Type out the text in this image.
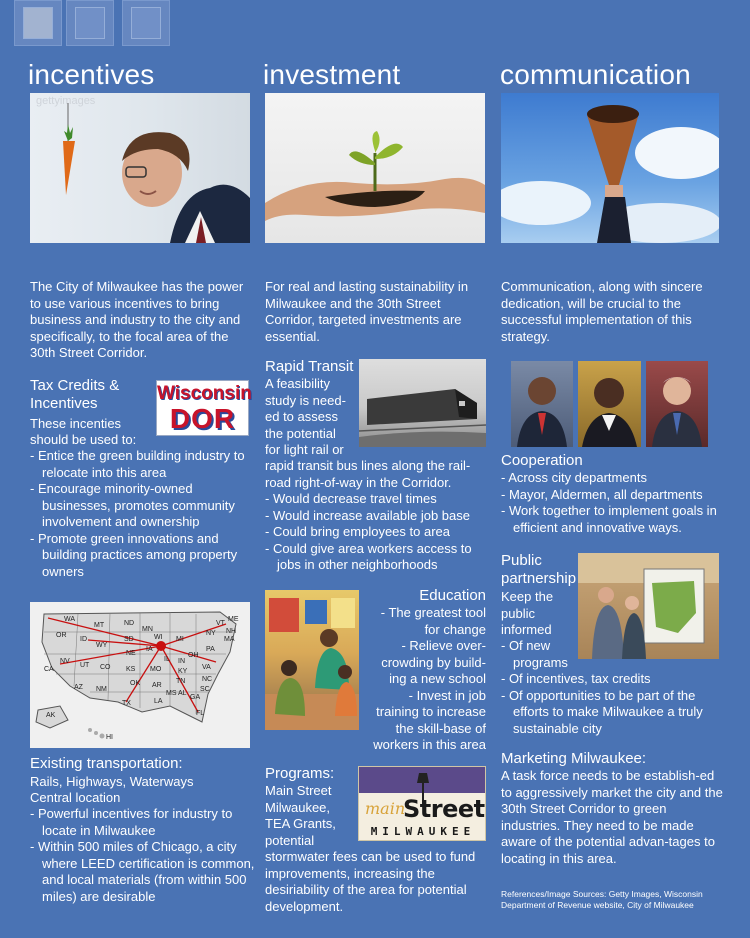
incentives
gettyimages
The City of Milwaukee has the power to use various incentives to bring business and industry to the city and specifically, to the focal area of the 30th Street Corridor.
Tax Credits & Incentives	Wisconsin
DOR
These incenties
should be used to:
- Entice the green building industry to relocate into this area
- Encourage minority-owned businesses, promotes community involvement and ownership
- Promote green innovations and building practices among property owners
WA
MT	ND
MN
WI MI
NY
OR
ID	SD
IA
IL
OH
PA
WY
NE
IN
NV
UT CO KS MO KY
VA
CA
NC
AZ NM
OK AR
TN
SC
TX	LA
MS AL
GA
FL
AK
HI
ME
VT
NH
MA
Existing transportation:
Rails, Highways, Waterways
Central location
- Powerful incentives for industry to locate in Milwaukee
- Within 500 miles of Chicago, a city where LEED certification is common, and local materials (from within 500 miles) are desirable
investment
For real and lasting sustainability in Milwaukee and the 30th Street Corridor, targeted investments are essential.
Rapid Transit
A feasibility
study is need-
ed to assess
the potential
for light rail or
rapid transit bus lines along the rail-road right-of-way in the Corridor.
- Would decrease travel times
- Would increase available job base
- Could bring employees to area
- Could give area workers access to jobs in other neighborhoods
Education
- The greatest tool
for change
- Relieve over-
crowding by build-
ing a new school
- Invest in job
training to increase
the skill-base of
workers in this area
Programs:
Main Street
Milwaukee,
TEA Grants,
potential
main
Street
MILWAUKEE
stormwater fees can be used to fund improvements, increasing the desiriability of the area for potential development.
communication
Communication, along with sincere dedication, will be crucial to the successful implementation of this strategy.
Cooperation
- Across city departments
- Mayor, Aldermen, all departments
- Work together to implement goals in efficient and innovative ways.
Public
partnership
Keep the
public
informed
- Of new programs
- Of incentives, tax credits
- Of opportunities to be part of the efforts to make Milwaukee a truly sustainable city
Marketing Milwaukee:
A task force needs to be establish-ed to aggressively market the city and the 30th Street Corridor to green industries. They need to be made aware of the potential advan-tages to locating in this area.
References/Image Sources: Getty Images, Wisconsin Department of Revenue website, City of Milwaukee
